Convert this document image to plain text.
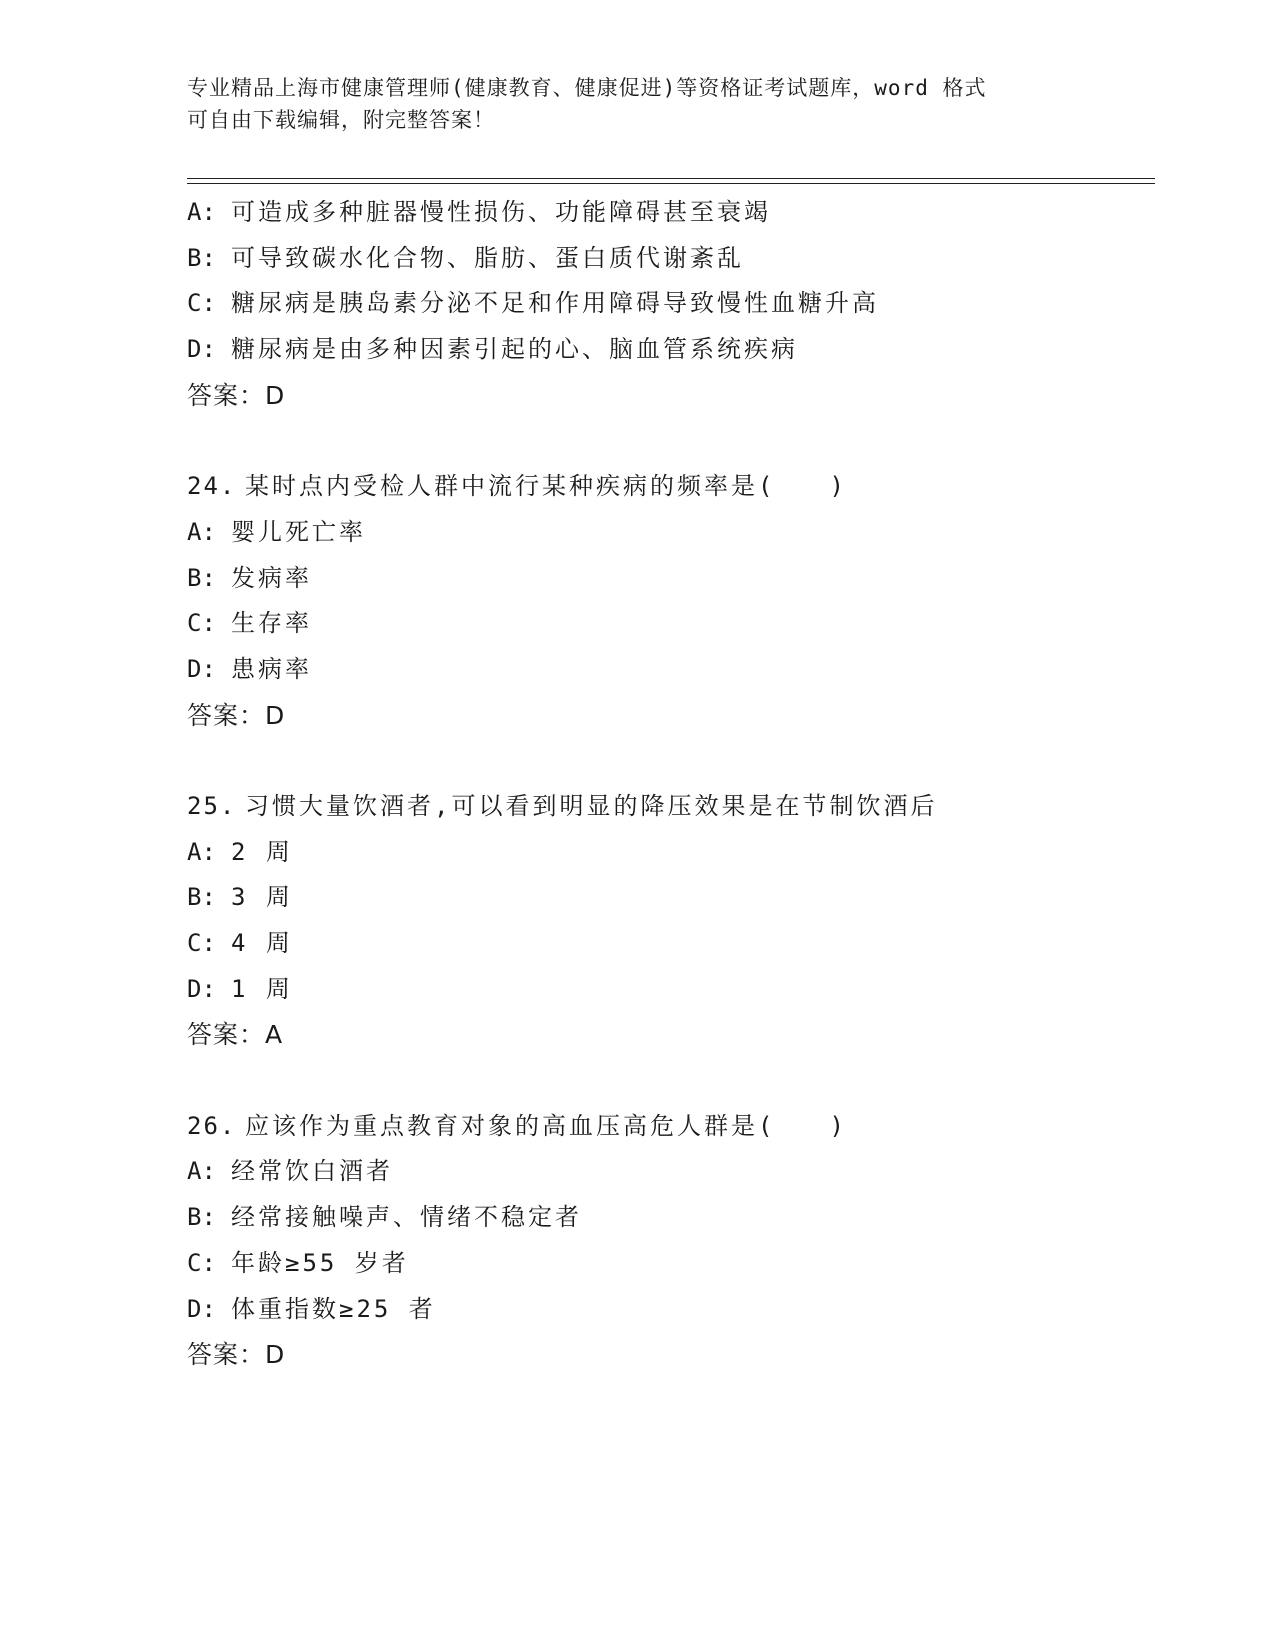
专业精品上海市健康管理师(健康教育、健康促进)等资格证考试题库，word 格式
可自由下载编辑，附完整答案！
A: 可造成多种脏器慢性损伤、功能障碍甚至衰竭
B: 可导致碳水化合物、脂肪、蛋白质代谢紊乱
C: 糖尿病是胰岛素分泌不足和作用障碍导致慢性血糖升高
D: 糖尿病是由多种因素引起的心、脑血管系统疾病
答案：D
24. 某时点内受检人群中流行某种疾病的频率是(　　)
A: 婴儿死亡率
B: 发病率
C: 生存率
D: 患病率
答案：D
25. 习惯大量饮酒者,可以看到明显的降压效果是在节制饮酒后
A: 2 周
B: 3 周
C: 4 周
D: 1 周
答案：A
26. 应该作为重点教育对象的高血压高危人群是(　　)
A: 经常饮白酒者
B: 经常接触噪声、情绪不稳定者
C: 年龄≥55 岁者
D: 体重指数≥25 者
答案：D
